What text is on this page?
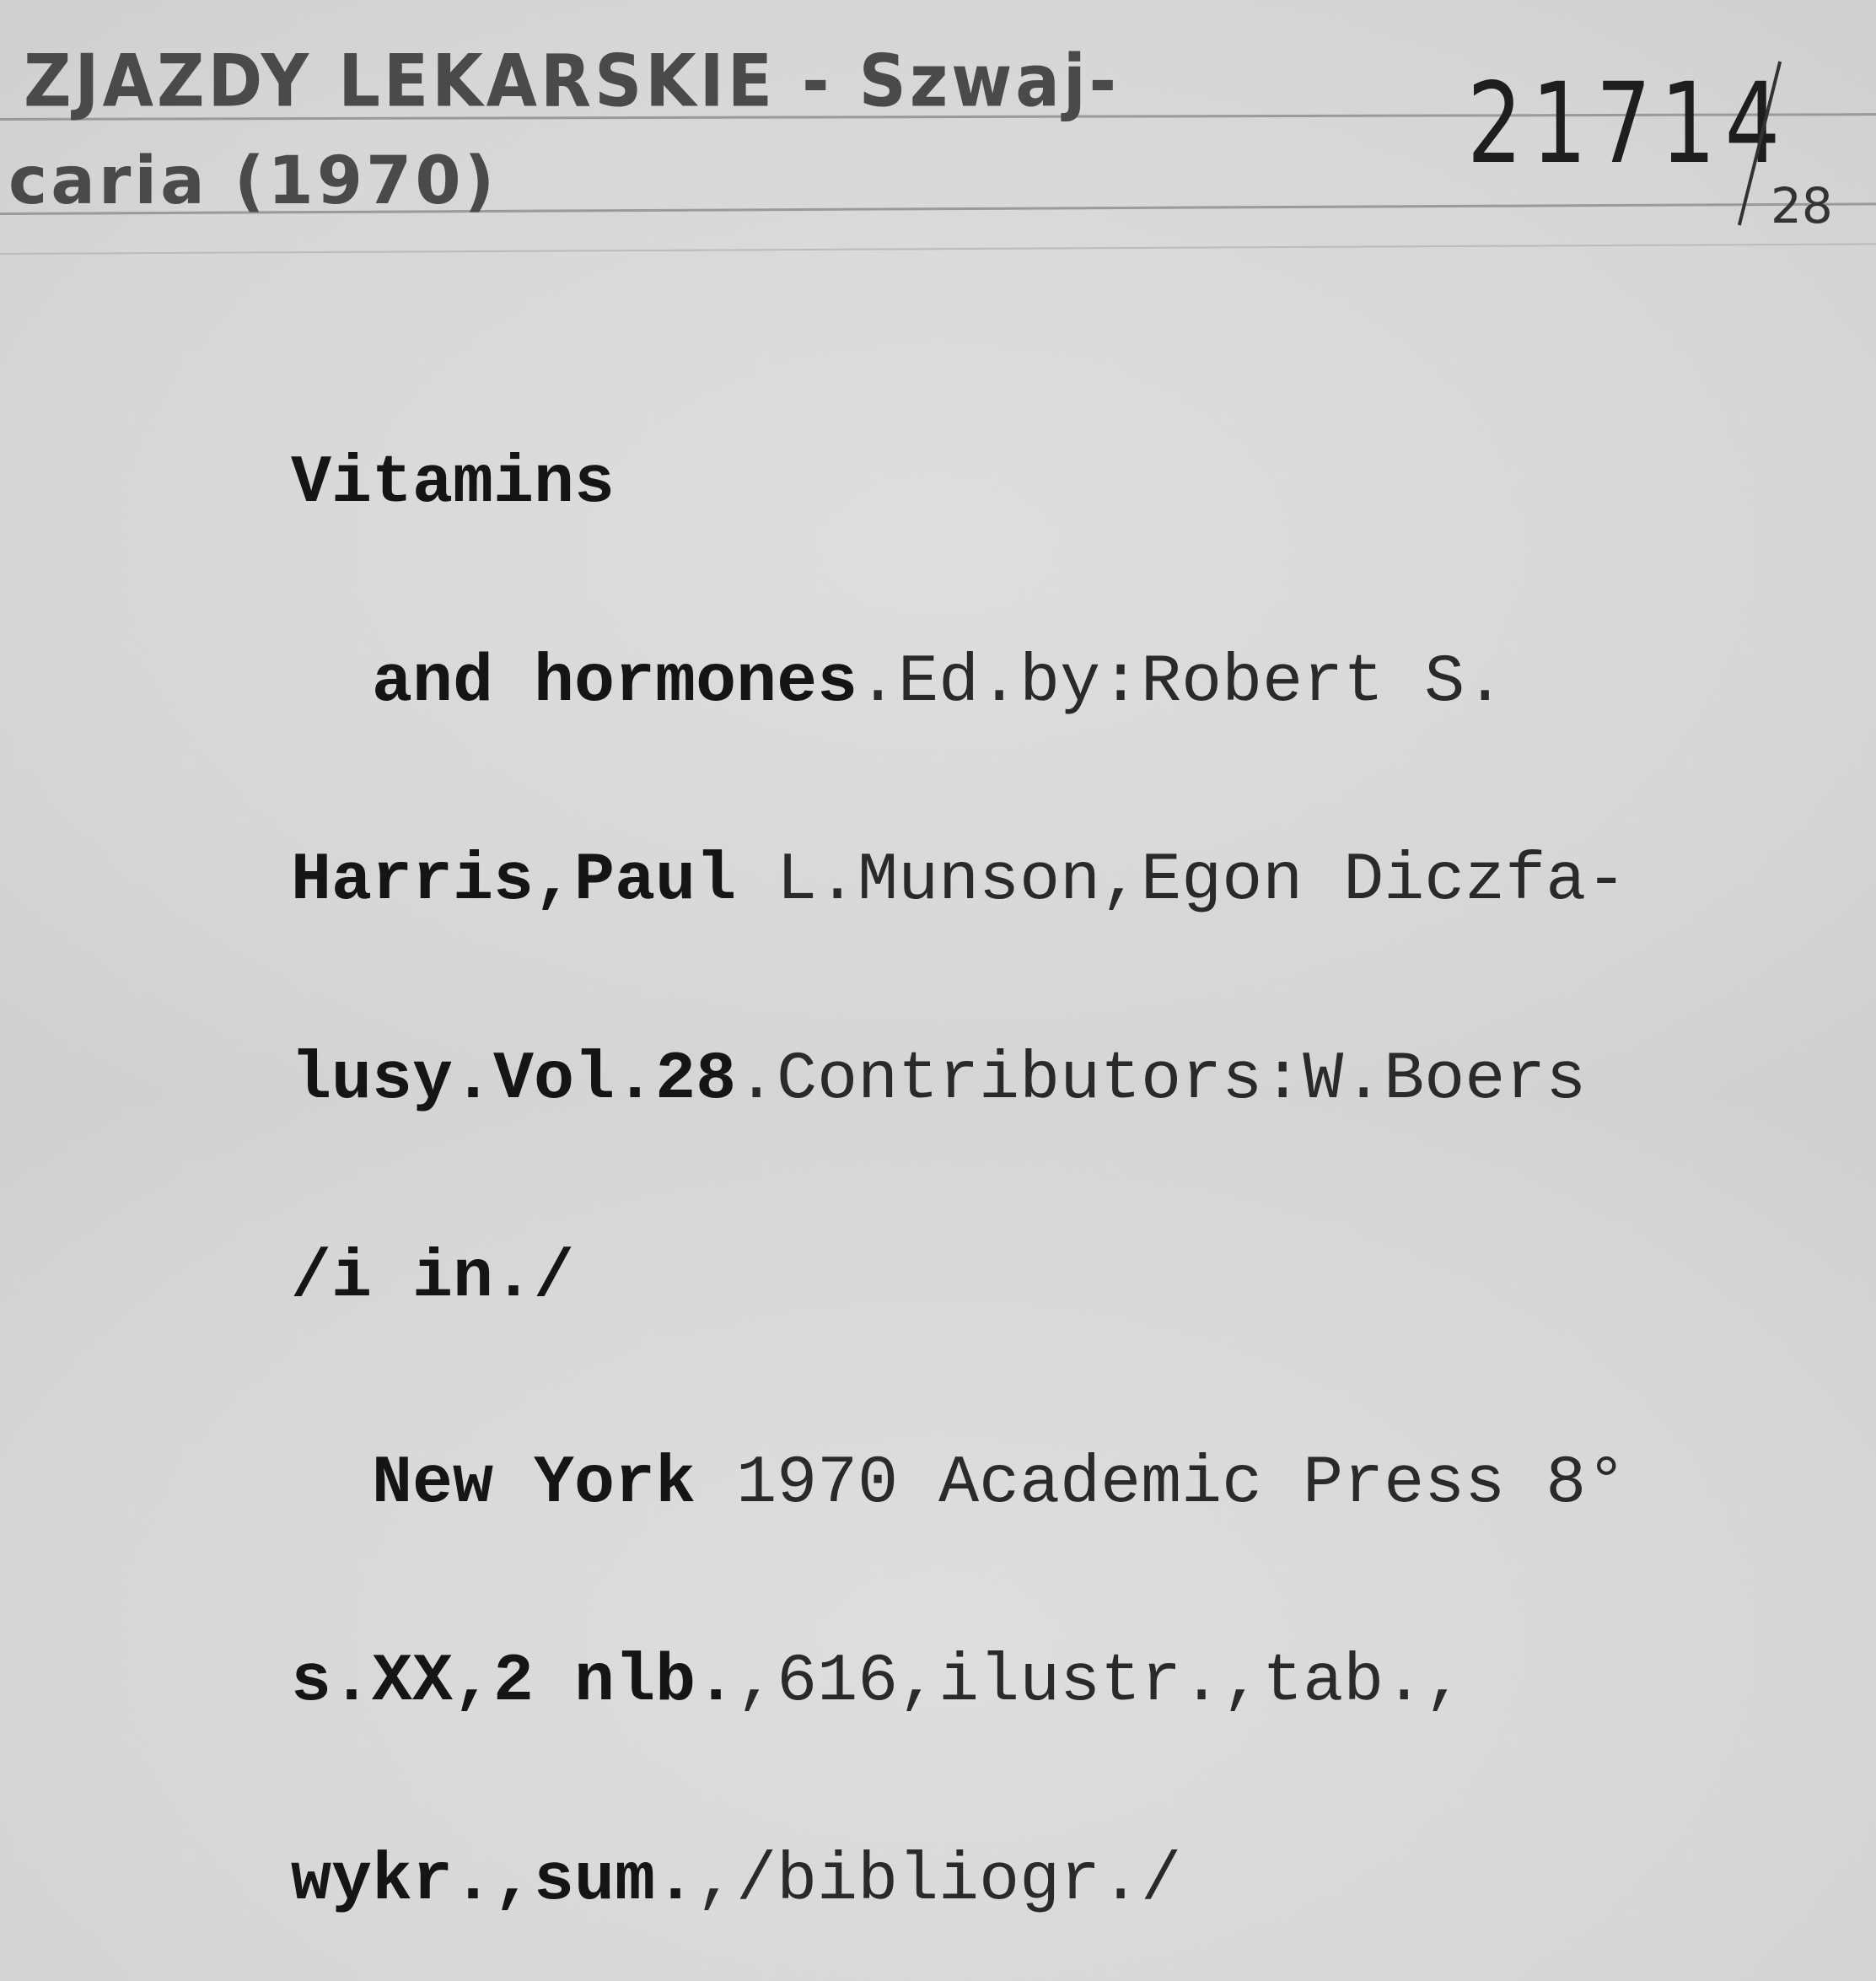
ZJAZDY LEKARSKIE - Szwaj-
caria (1970)	21714
28

Vitamins

and hormones.Ed.by:Robert S.

Harris,Paul L.Munson,Egon Diczfa-

lusy.Vol.28.Contributors:W.Boers

/i in./

New York 1970 Academic Press 8°

s.XX,2 nlb.,616,ilustr.,tab.,

wykr.,sum.,/bibliogr./
